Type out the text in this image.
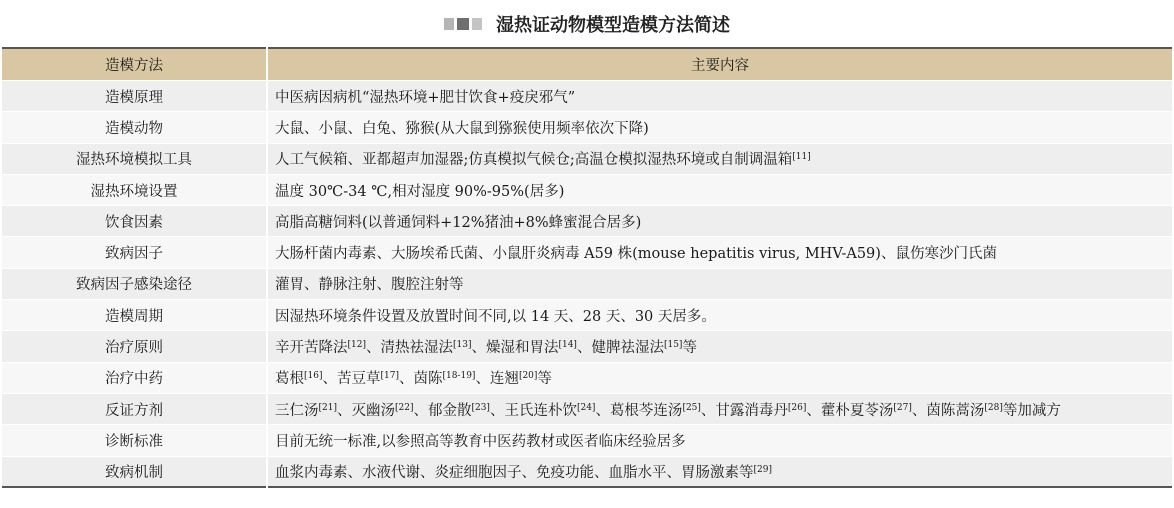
湿热证动物模型造模方法简述
造模方法	主要内容
造模原理	中医病因病机“湿热环境+肥甘饮食+疫戾邪气”
造模动物	大鼠、小鼠、白兔、猕猴(从大鼠到猕猴使用频率依次下降)
湿热环境模拟工具	人工气候箱、亚都超声加湿器;仿真模拟气候仓;高温仓模拟湿热环境或自制调温箱[11]
湿热环境设置	温度 30℃-34 ℃,相对湿度 90%-95%(居多)
饮食因素	高脂高糖饲料(以普通饲料+12%猪油+8%蜂蜜混合居多)
致病因子	大肠杆菌内毒素、大肠埃希氏菌、小鼠肝炎病毒 A59 株(mouse hepatitis virus, MHV-A59)、鼠伤寒沙门氏菌
致病因子感染途径	灌胃、静脉注射、腹腔注射等
造模周期	因湿热环境条件设置及放置时间不同,以 14 天、28 天、30 天居多。
治疗原则	辛开苦降法[12]、清热祛湿法[13]、燥湿和胃法[14]、健脾祛湿法[15]等
治疗中药	葛根[16]、苦豆草[17]、茵陈[18-19]、连翘[20]等
反证方剂	三仁汤[21]、灭幽汤[22]、郁金散[23]、王氏连朴饮[24]、葛根芩连汤[25]、甘露消毒丹[26]、藿朴夏苓汤[27]、茵陈蒿汤[28]等加减方
诊断标准	目前无统一标准,以参照高等教育中医药教材或医者临床经验居多
致病机制	血浆内毒素、水液代谢、炎症细胞因子、免疫功能、血脂水平、胃肠激素等[29]
